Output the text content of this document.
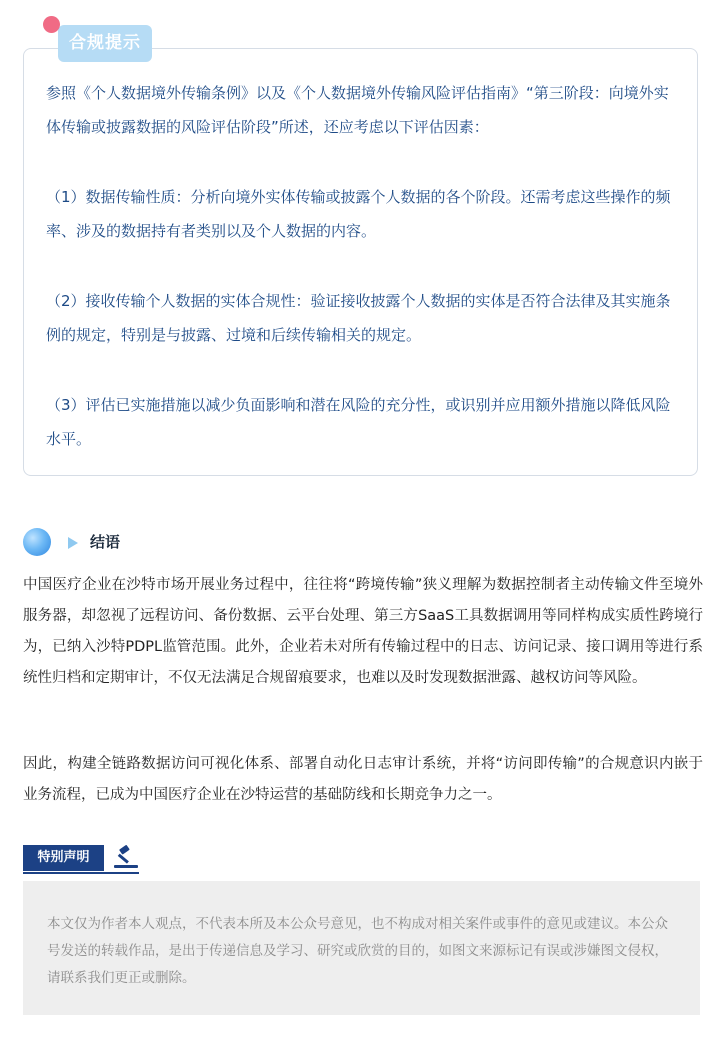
合规提示

参照《个人数据境外传输条例》以及《个人数据境外传输风险评估指南》“第三阶段：向境外实体传输或披露数据的风险评估阶段”所述，还应考虑以下评估因素：

（1）数据传输性质：分析向境外实体传输或披露个人数据的各个阶段。还需考虑这些操作的频率、涉及的数据持有者类别以及个人数据的内容。

（2）接收传输个人数据的实体合规性：验证接收披露个人数据的实体是否符合法律及其实施条例的规定，特别是与披露、过境和后续传输相关的规定。

（3）评估已实施措施以减少负面影响和潜在风险的充分性，或识别并应用额外措施以降低风险水平。

结语

中国医疗企业在沙特市场开展业务过程中，往往将“跨境传输”狭义理解为数据控制者主动传输文件至境外服务器，却忽视了远程访问、备份数据、云平台处理、第三方SaaS工具数据调用等同样构成实质性跨境行为，已纳入沙特PDPL监管范围。此外，企业若未对所有传输过程中的日志、访问记录、接口调用等进行系统性归档和定期审计，不仅无法满足合规留痕要求，也难以及时发现数据泄露、越权访问等风险。

因此，构建全链路数据访问可视化体系、部署自动化日志审计系统，并将“访问即传输”的合规意识内嵌于业务流程，已成为中国医疗企业在沙特运营的基础防线和长期竞争力之一。

特别声明

本文仅为作者本人观点，不代表本所及本公众号意见，也不构成对相关案件或事件的意见或建议。本公众号发送的转载作品，是出于传递信息及学习、研究或欣赏的目的，如图文来源标记有误或涉嫌图文侵权，请联系我们更正或删除。
